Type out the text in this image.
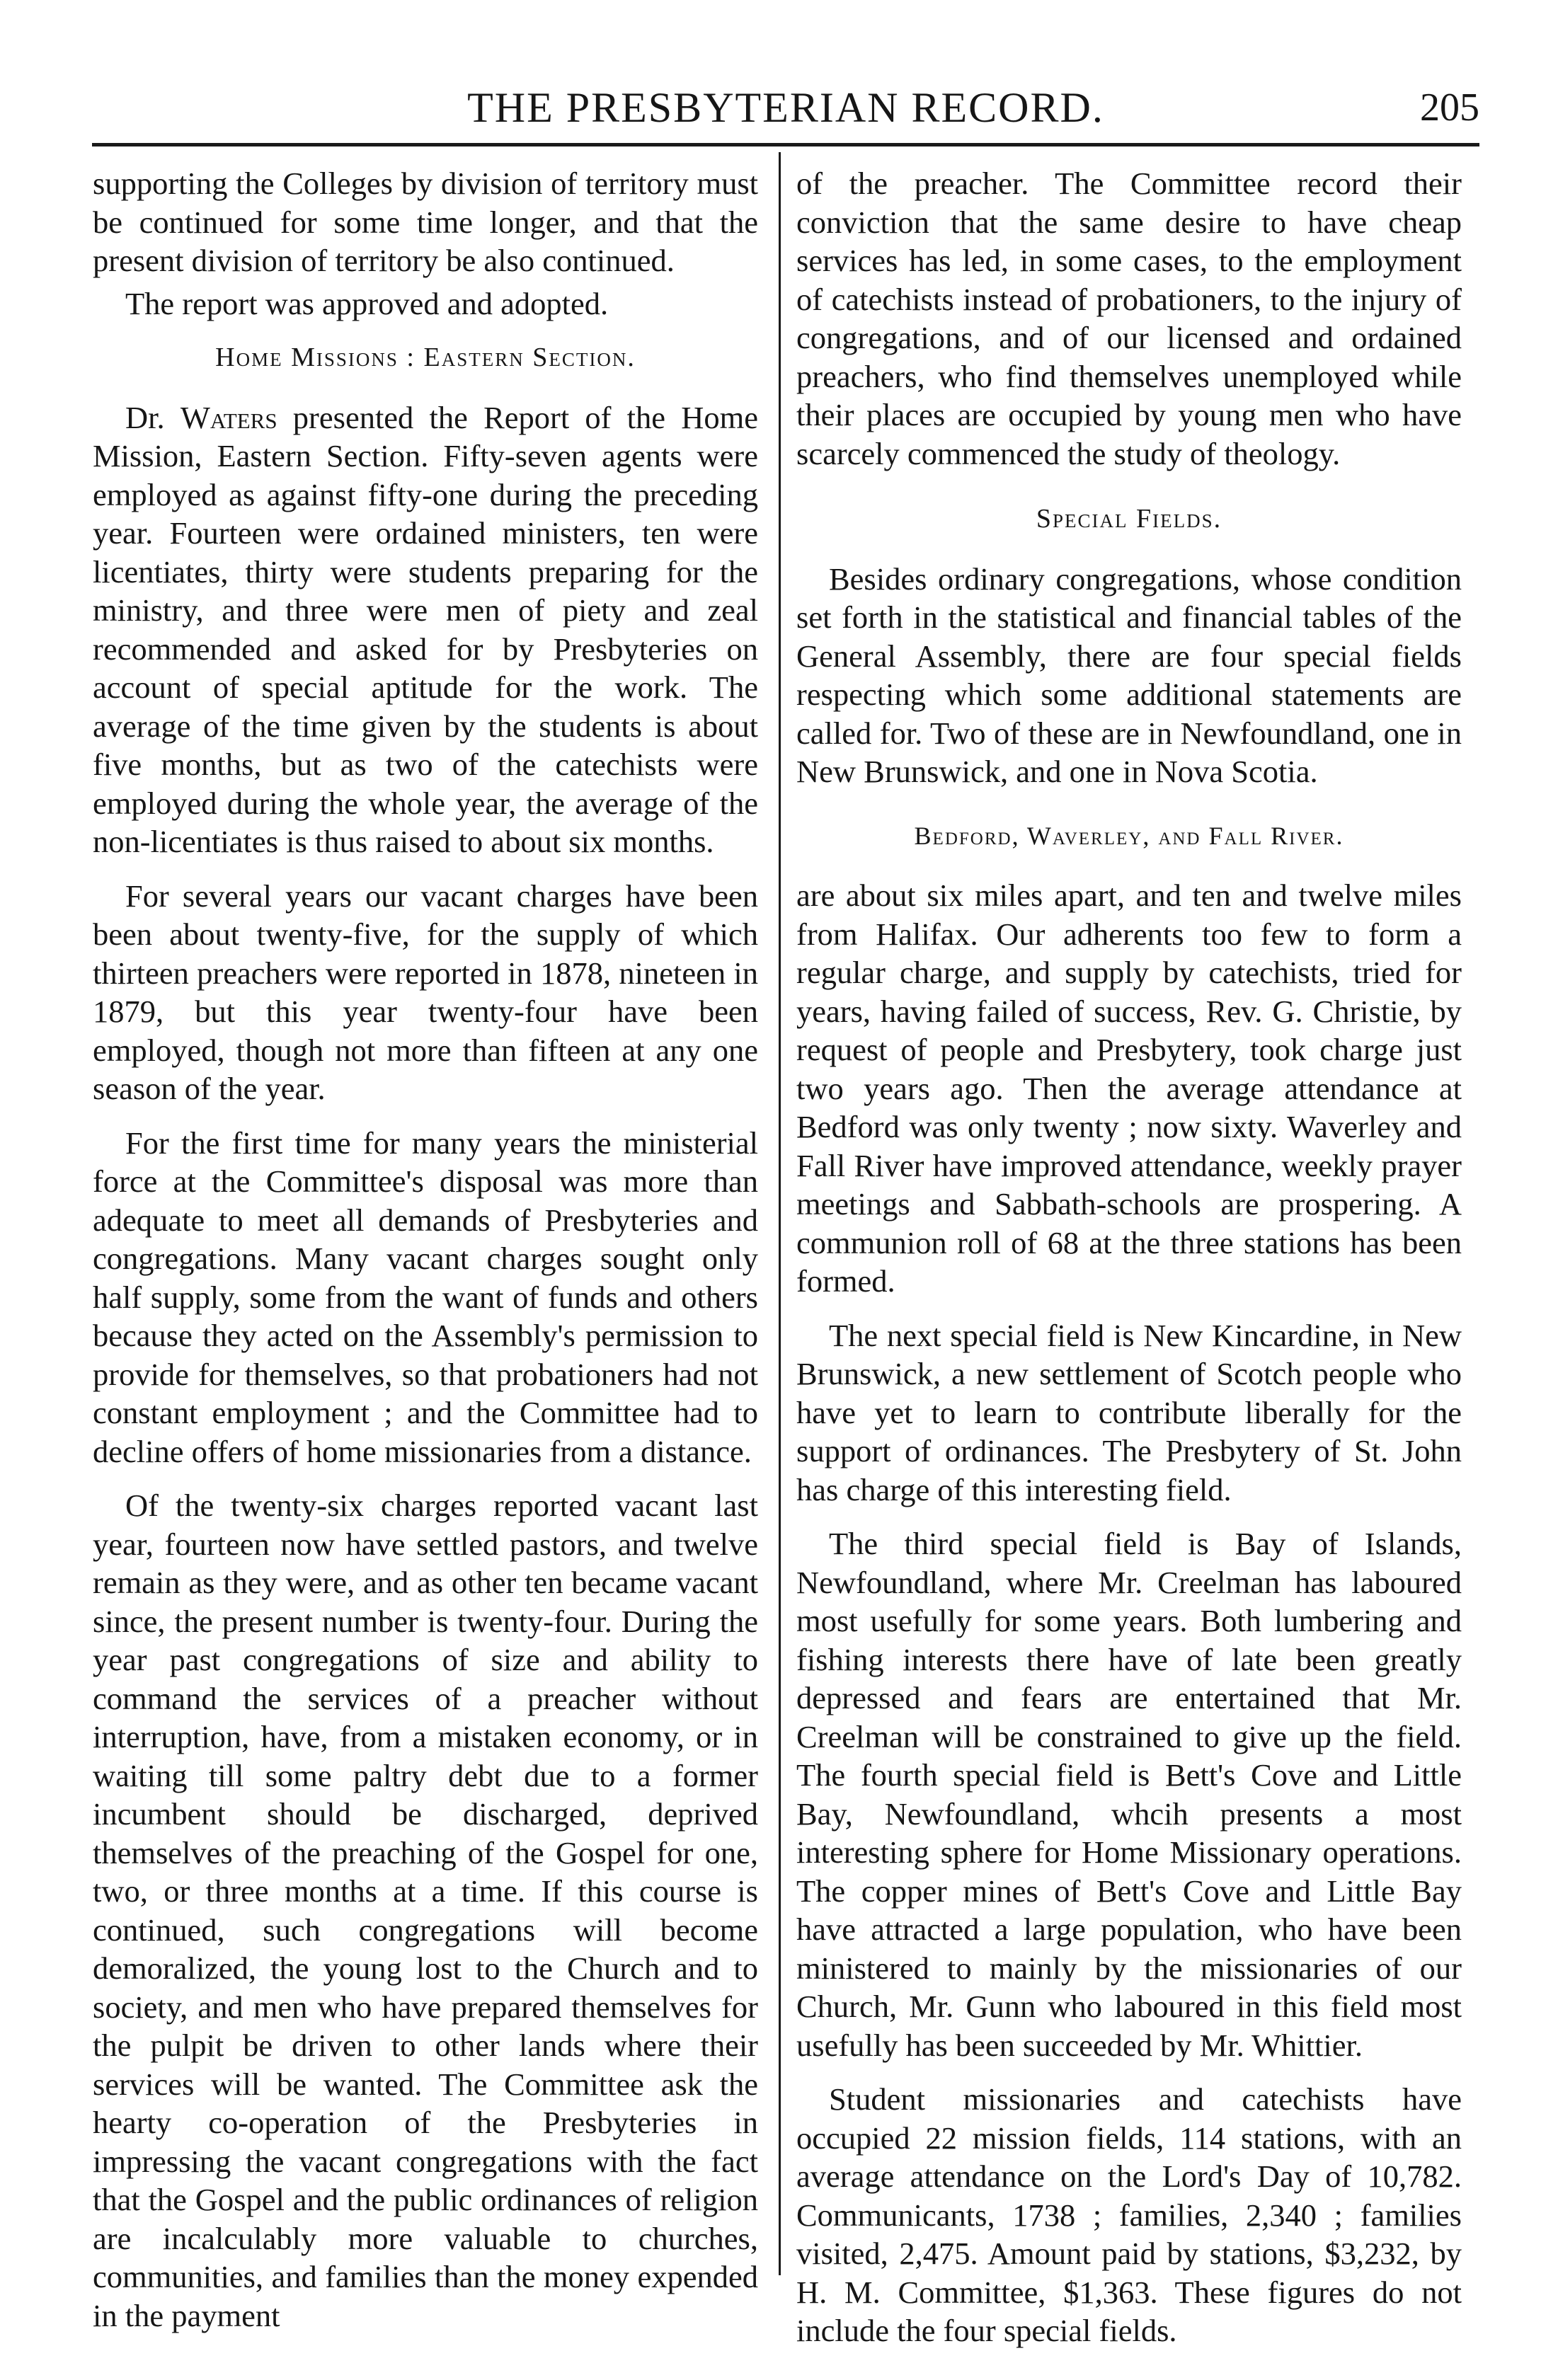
THE PRESBYTERIAN RECORD.	205

supporting the Colleges by division of territory must be continued for some time longer, and that the present division of territory be also continued.

The report was approved and adopted.

Home Missions : Eastern Section.

Dr. Waters presented the Report of the Home Mission, Eastern Section. Fifty-seven agents were employed as against fifty-one during the preceding year. Fourteen were ordained ministers, ten were licentiates, thirty were students preparing for the ministry, and three were men of piety and zeal recommended and asked for by Presbyteries on account of special aptitude for the work. The average of the time given by the students is about five months, but as two of the catechists were employed during the whole year, the average of the non-licentiates is thus raised to about six months.

For several years our vacant charges have been been about twenty-five, for the supply of which thirteen preachers were reported in 1878, nineteen in 1879, but this year twenty-four have been employed, though not more than fifteen at any one season of the year.

For the first time for many years the ministerial force at the Committee's disposal was more than adequate to meet all demands of Presbyteries and congregations. Many vacant charges sought only half supply, some from the want of funds and others because they acted on the Assembly's permission to provide for themselves, so that probationers had not constant employment ; and the Committee had to decline offers of home missionaries from a distance.

Of the twenty-six charges reported vacant last year, fourteen now have settled pastors, and twelve remain as they were, and as other ten became vacant since, the present number is twenty-four. During the year past congregations of size and ability to command the services of a preacher without interruption, have, from a mistaken economy, or in waiting till some paltry debt due to a former incumbent should be discharged, deprived themselves of the preaching of the Gospel for one, two, or three months at a time. If this course is continued, such congregations will become demoralized, the young lost to the Church and to society, and men who have prepared themselves for the pulpit be driven to other lands where their services will be wanted. The Committee ask the hearty co-operation of the Presbyteries in impressing the vacant congregations with the fact that the Gospel and the public ordinances of religion are incalculably more valuable to churches, communities, and families than the money expended in the payment

of the preacher. The Committee record their conviction that the same desire to have cheap services has led, in some cases, to the employment of catechists instead of probationers, to the injury of congregations, and of our licensed and ordained preachers, who find themselves unemployed while their places are occupied by young men who have scarcely commenced the study of theology.

Special Fields.

Besides ordinary congregations, whose condition set forth in the statistical and financial tables of the General Assembly, there are four special fields respecting which some additional statements are called for. Two of these are in Newfoundland, one in New Brunswick, and one in Nova Scotia.

Bedford, Waverley, and Fall River.

are about six miles apart, and ten and twelve miles from Halifax. Our adherents too few to form a regular charge, and supply by catechists, tried for years, having failed of success, Rev. G. Christie, by request of people and Presbytery, took charge just two years ago. Then the average attendance at Bedford was only twenty ; now sixty. Waverley and Fall River have improved attendance, weekly prayer meetings and Sabbath-schools are prospering. A communion roll of 68 at the three stations has been formed.

The next special field is New Kincardine, in New Brunswick, a new settlement of Scotch people who have yet to learn to contribute liberally for the support of ordinances. The Presbytery of St. John has charge of this interesting field.

The third special field is Bay of Islands, Newfoundland, where Mr. Creelman has laboured most usefully for some years. Both lumbering and fishing interests there have of late been greatly depressed and fears are entertained that Mr. Creelman will be constrained to give up the field. The fourth special field is Bett's Cove and Little Bay, Newfoundland, whcih presents a most interesting sphere for Home Missionary operations. The copper mines of Bett's Cove and Little Bay have attracted a large population, who have been ministered to mainly by the missionaries of our Church, Mr. Gunn who laboured in this field most usefully has been succeeded by Mr. Whittier.

Student missionaries and catechists have occupied 22 mission fields, 114 stations, with an average attendance on the Lord's Day of 10,782. Communicants, 1738 ; families, 2,340 ; families visited, 2,475. Amount paid by stations, $3,232, by H. M. Committee, $1,363. These figures do not include the four special fields.
